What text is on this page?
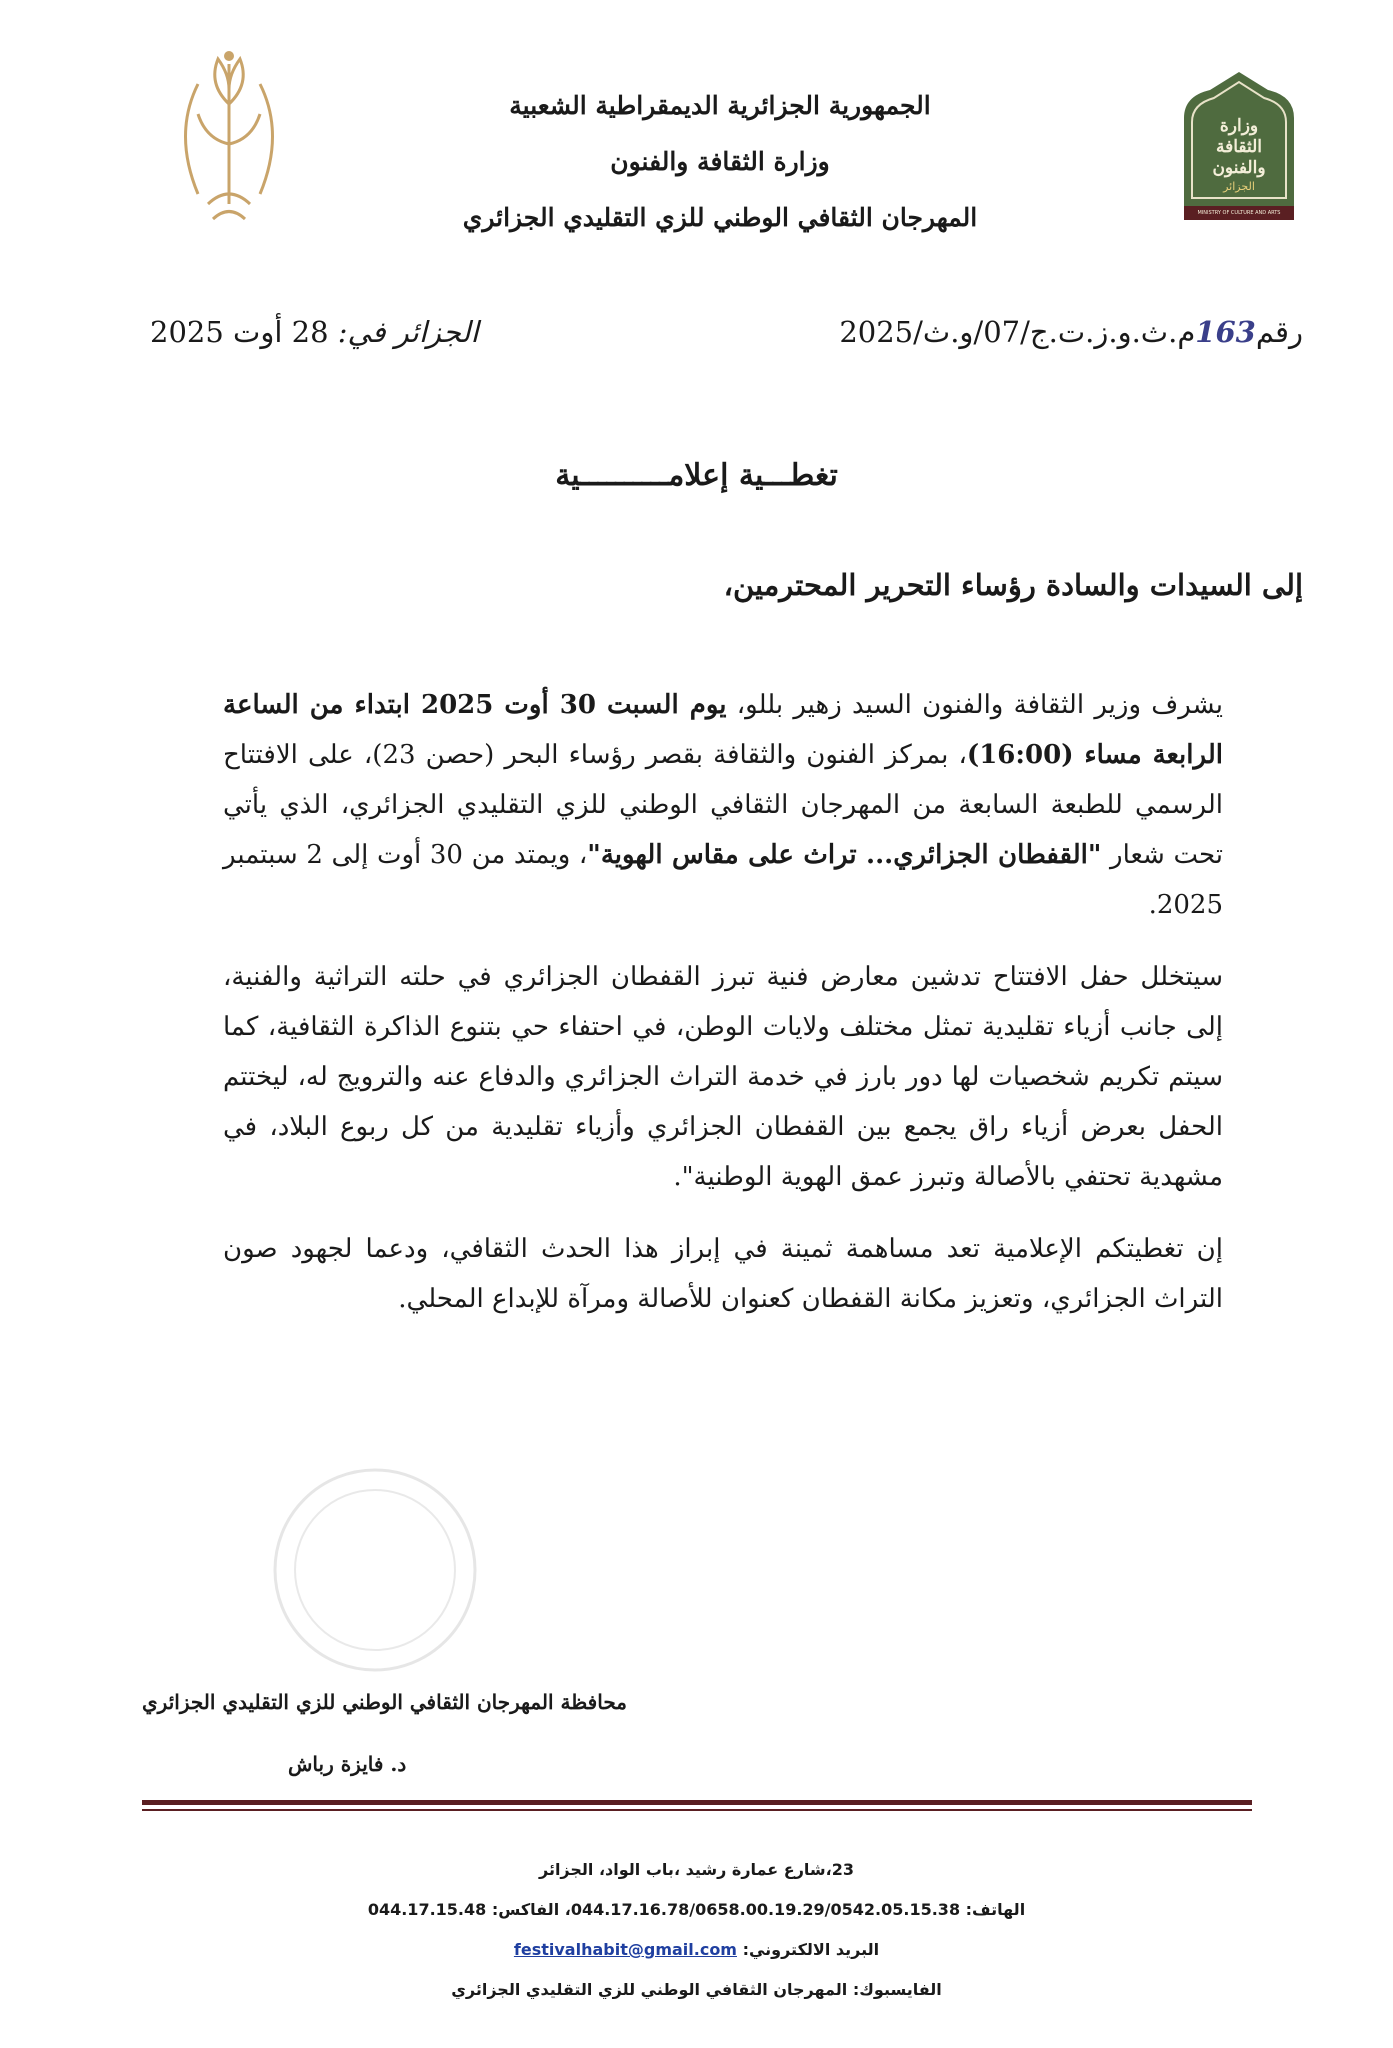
الجمهورية الجزائرية الديمقراطية الشعبية
وزارة الثقافة والفنون
المهرجان الثقافي الوطني للزي التقليدي الجزائري
وزارة الثقافة والفنون
الجزائر
MINISTRY OF CULTURE AND ARTS
رقم163م.ث.و.ز.ت.ج/07/و.ث/2025
الجزائر في: 28 أوت 2025
تغطـــية إعلامــــــــــية
إلى السيدات والسادة رؤساء التحرير المحترمين،

يشرف وزير الثقافة والفنون السيد زهير بللو، يوم السبت 30 أوت 2025 ابتداء من الساعة الرابعة مساء (16:00)، بمركز الفنون والثقافة بقصر رؤساء البحر (حصن 23)، على الافتتاح الرسمي للطبعة السابعة من المهرجان الثقافي الوطني للزي التقليدي الجزائري، الذي يأتي تحت شعار "القفطان الجزائري... تراث على مقاس الهوية"، ويمتد من 30 أوت إلى 2 سبتمبر 2025.

سيتخلل حفل الافتتاح تدشين معارض فنية تبرز القفطان الجزائري في حلته التراثية والفنية، إلى جانب أزياء تقليدية تمثل مختلف ولايات الوطن، في احتفاء حي بتنوع الذاكرة الثقافية، كما سيتم تكريم شخصيات لها دور بارز في خدمة التراث الجزائري والدفاع عنه والترويج له، ليختتم الحفل بعرض أزياء راق يجمع بين القفطان الجزائري وأزياء تقليدية من كل ربوع البلاد، في مشهدية تحتفي بالأصالة وتبرز عمق الهوية الوطنية".

إن تغطيتكم الإعلامية تعد مساهمة ثمينة في إبراز هذا الحدث الثقافي، ودعما لجهود صون التراث الجزائري، وتعزيز مكانة القفطان كعنوان للأصالة ومرآة للإبداع المحلي.

محافظة المهرجان الثقافي الوطني للزي التقليدي الجزائري
د. فايزة رباش
23،شارع عمارة رشيد ،باب الواد، الجزائر
الهاتف: 044.17.16.78/0658.00.19.29/0542.05.15.38، الفاكس: 044.17.15.48
البريد الالكتروني: festivalhabit@gmail.com
الفايسبوك: المهرجان الثقافي الوطني للزي التقليدي الجزائري
